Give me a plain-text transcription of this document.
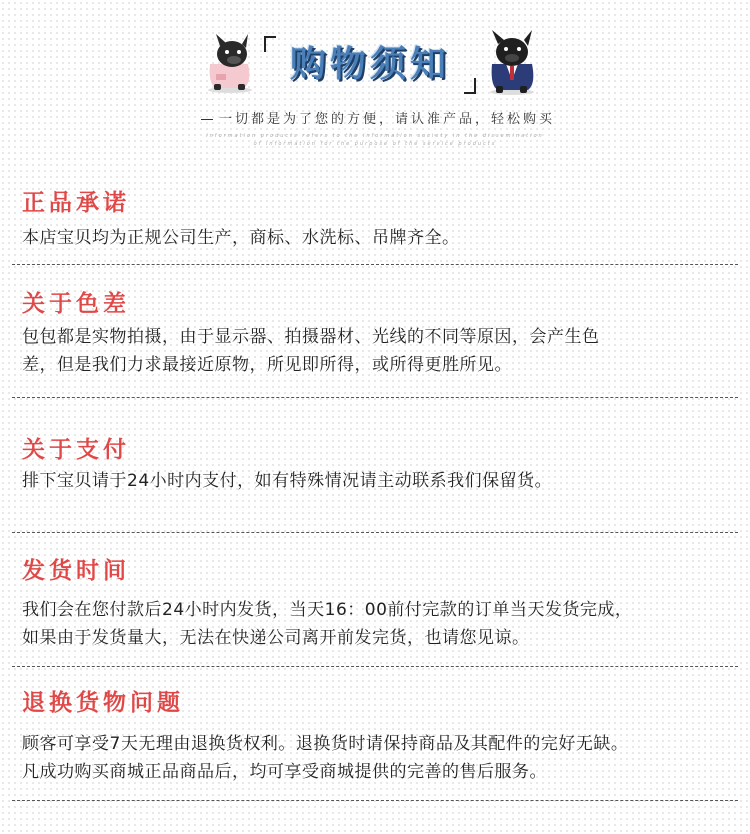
购物须知
一切都是为了您的方便，请认准产品，轻松购买
information products refers to the information society in the dissemination
of information for the purpose of the service products
正品承诺
本店宝贝均为正规公司生产，商标、水洗标、吊牌齐全。
关于色差
包包都是实物拍摄，由于显示器、拍摄器材、光线的不同等原因，会产生色
差，但是我们力求最接近原物，所见即所得，或所得更胜所见。
关于支付
排下宝贝请于24小时内支付，如有特殊情况请主动联系我们保留货。
发货时间
我们会在您付款后24小时内发货，当天16：00前付完款的订单当天发货完成，
如果由于发货量大，无法在快递公司离开前发完货，也请您见谅。
退换货物问题
顾客可享受7天无理由退换货权利。退换货时请保持商品及其配件的完好无缺。
凡成功购买商城正品商品后，均可享受商城提供的完善的售后服务。
